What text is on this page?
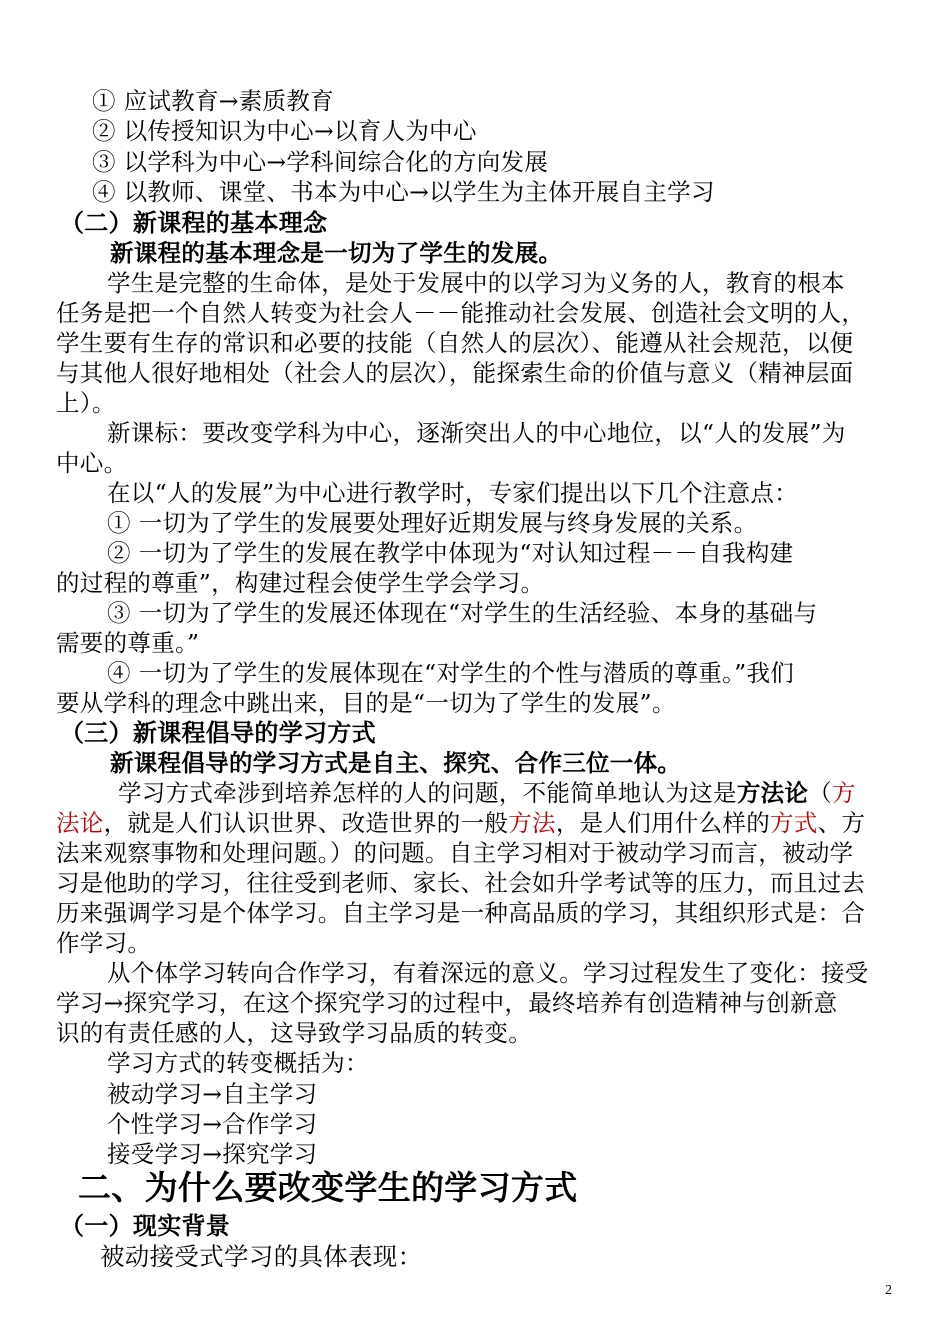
① 应试教育→素质教育
② 以传授知识为中心→以育人为中心
③ 以学科为中心→学科间综合化的方向发展
④ 以教师、课堂、书本为中心→以学生为主体开展自主学习
（二）新课程的基本理念
新课程的基本理念是一切为了学生的发展。
学生是完整的生命体，是处于发展中的以学习为义务的人，教育的根本
任务是把一个自然人转变为社会人－－能推动社会发展、创造社会文明的人，
学生要有生存的常识和必要的技能（自然人的层次）、能遵从社会规范，以便
与其他人很好地相处（社会人的层次），能探索生命的价值与意义（精神层面
上）。
新课标：要改变学科为中心，逐渐突出人的中心地位，以“人的发展”为
中心。
在以“人的发展”为中心进行教学时，专家们提出以下几个注意点：
① 一切为了学生的发展要处理好近期发展与终身发展的关系。
② 一切为了学生的发展在教学中体现为“对认知过程－－自我构建
的过程的尊重”，构建过程会使学生学会学习。
③ 一切为了学生的发展还体现在“对学生的生活经验、本身的基础与
需要的尊重。”
④ 一切为了学生的发展体现在“对学生的个性与潜质的尊重。”我们
要从学科的理念中跳出来，目的是“一切为了学生的发展”。
（三）新课程倡导的学习方式
新课程倡导的学习方式是自主、探究、合作三位一体。
学习方式牵涉到培养怎样的人的问题，不能简单地认为这是方法论（方
法论，就是人们认识世界、改造世界的一般方法，是人们用什么样的方式、方
法来观察事物和处理问题。）的问题。自主学习相对于被动学习而言，被动学
习是他助的学习，往往受到老师、家长、社会如升学考试等的压力，而且过去
历来强调学习是个体学习。自主学习是一种高品质的学习，其组织形式是：合
作学习。
从个体学习转向合作学习，有着深远的意义。学习过程发生了变化：接受
学习→探究学习，在这个探究学习的过程中，最终培养有创造精神与创新意
识的有责任感的人，这导致学习品质的转变。
学习方式的转变概括为：
被动学习→自主学习
个性学习→合作学习
接受学习→探究学习
二、为什么要改变学生的学习方式
（一）现实背景
被动接受式学习的具体表现：
2
